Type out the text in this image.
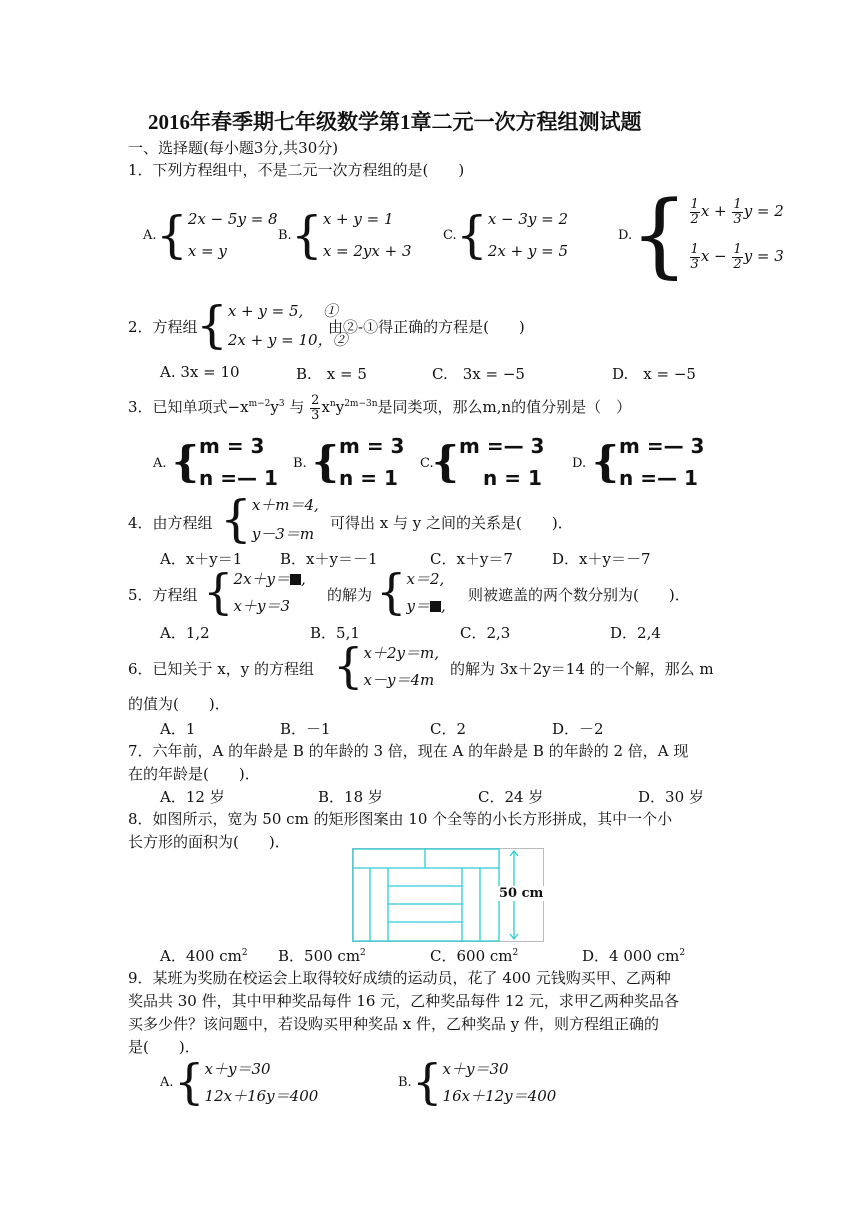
2016年春季期七年级数学第1章二元一次方程组测试题
一、选择题(每小题3分,共30分)
1．下列方程组中，不是二元一次方程组的是(　　)
A. { 2x − 5y = 8
x = y
B. { x + y = 1
x = 2yx + 3
C. { x − 3y = 2
2x + y = 5
D.
{ $\frac{1}{2}$ $x + \frac{1}{3}$ y = 2
$\frac{1}{3}$ $x - \frac{1}{2}$ y = 3
2．方程组
{ x + y = 5,　 ①
2x + y = 10，②
由②-①得正确的方程是(　　)
A. 3x = 10	B.　x = 5	C.　3x = −5	D.　x = −5
3．已知单项式$-x^{m-2}y^3$ 与 $\frac{2}{3} x^ny^{2m-3n}$是同类项，那么m,n的值分别是（　）
A. { m = 3
n =— 1
B. { m = 3
n = 1
C.
{ m =— 3
n = 1
D. { m =— 3
n =— 1
4．由方程组 { x＋m＝4,
y－3＝m
可得出 x 与 y 之间的关系是(　　)．
A．x＋y＝1	B．x＋y＝－1	C．x＋y＝7	D．x＋y＝－7
5．方程组 { 2x＋y＝ ,
x＋y＝3
的解为 { x＝2,
y＝ ,
则被遮盖的两个数分别为(　　)．
A．1,2	B．5,1	C．2,3	D．2,4
6．已知关于 x，y 的方程组 { x＋2y＝m,
x－y＝4m
的解为 3x＋2y＝14 的一个解，那么 m
的值为(　　)．
A．1	B．－1	C．2	D．－2
7．六年前，A 的年龄是 B 的年龄的 3 倍，现在 A 的年龄是 B 的年龄的 2 倍，A 现
在的年龄是(　　)．
A．12 岁	B．18 岁	C．24 岁	D．30 岁
8．如图所示，宽为 50 cm 的矩形图案由 10 个全等的小长方形拼成，其中一个小
长方形的面积为(　　)．
50 cm
A．400 $cm^2$ B．500 $cm^2$	C．600 $cm^2$	D．4 000 $cm^2$
9．某班为奖励在校运会上取得较好成绩的运动员，花了 400 元钱购买甲、乙两种
奖品共 30 件，其中甲种奖品每件 16 元，乙种奖品每件 12 元，求甲乙两种奖品各
买多少件？该问题中，若设购买甲种奖品 x 件，乙种奖品 y 件，则方程组正确的
是(　　)．
A. { x＋y＝30
12x＋16y＝400
B. { x＋y＝30
16x＋12y＝400
